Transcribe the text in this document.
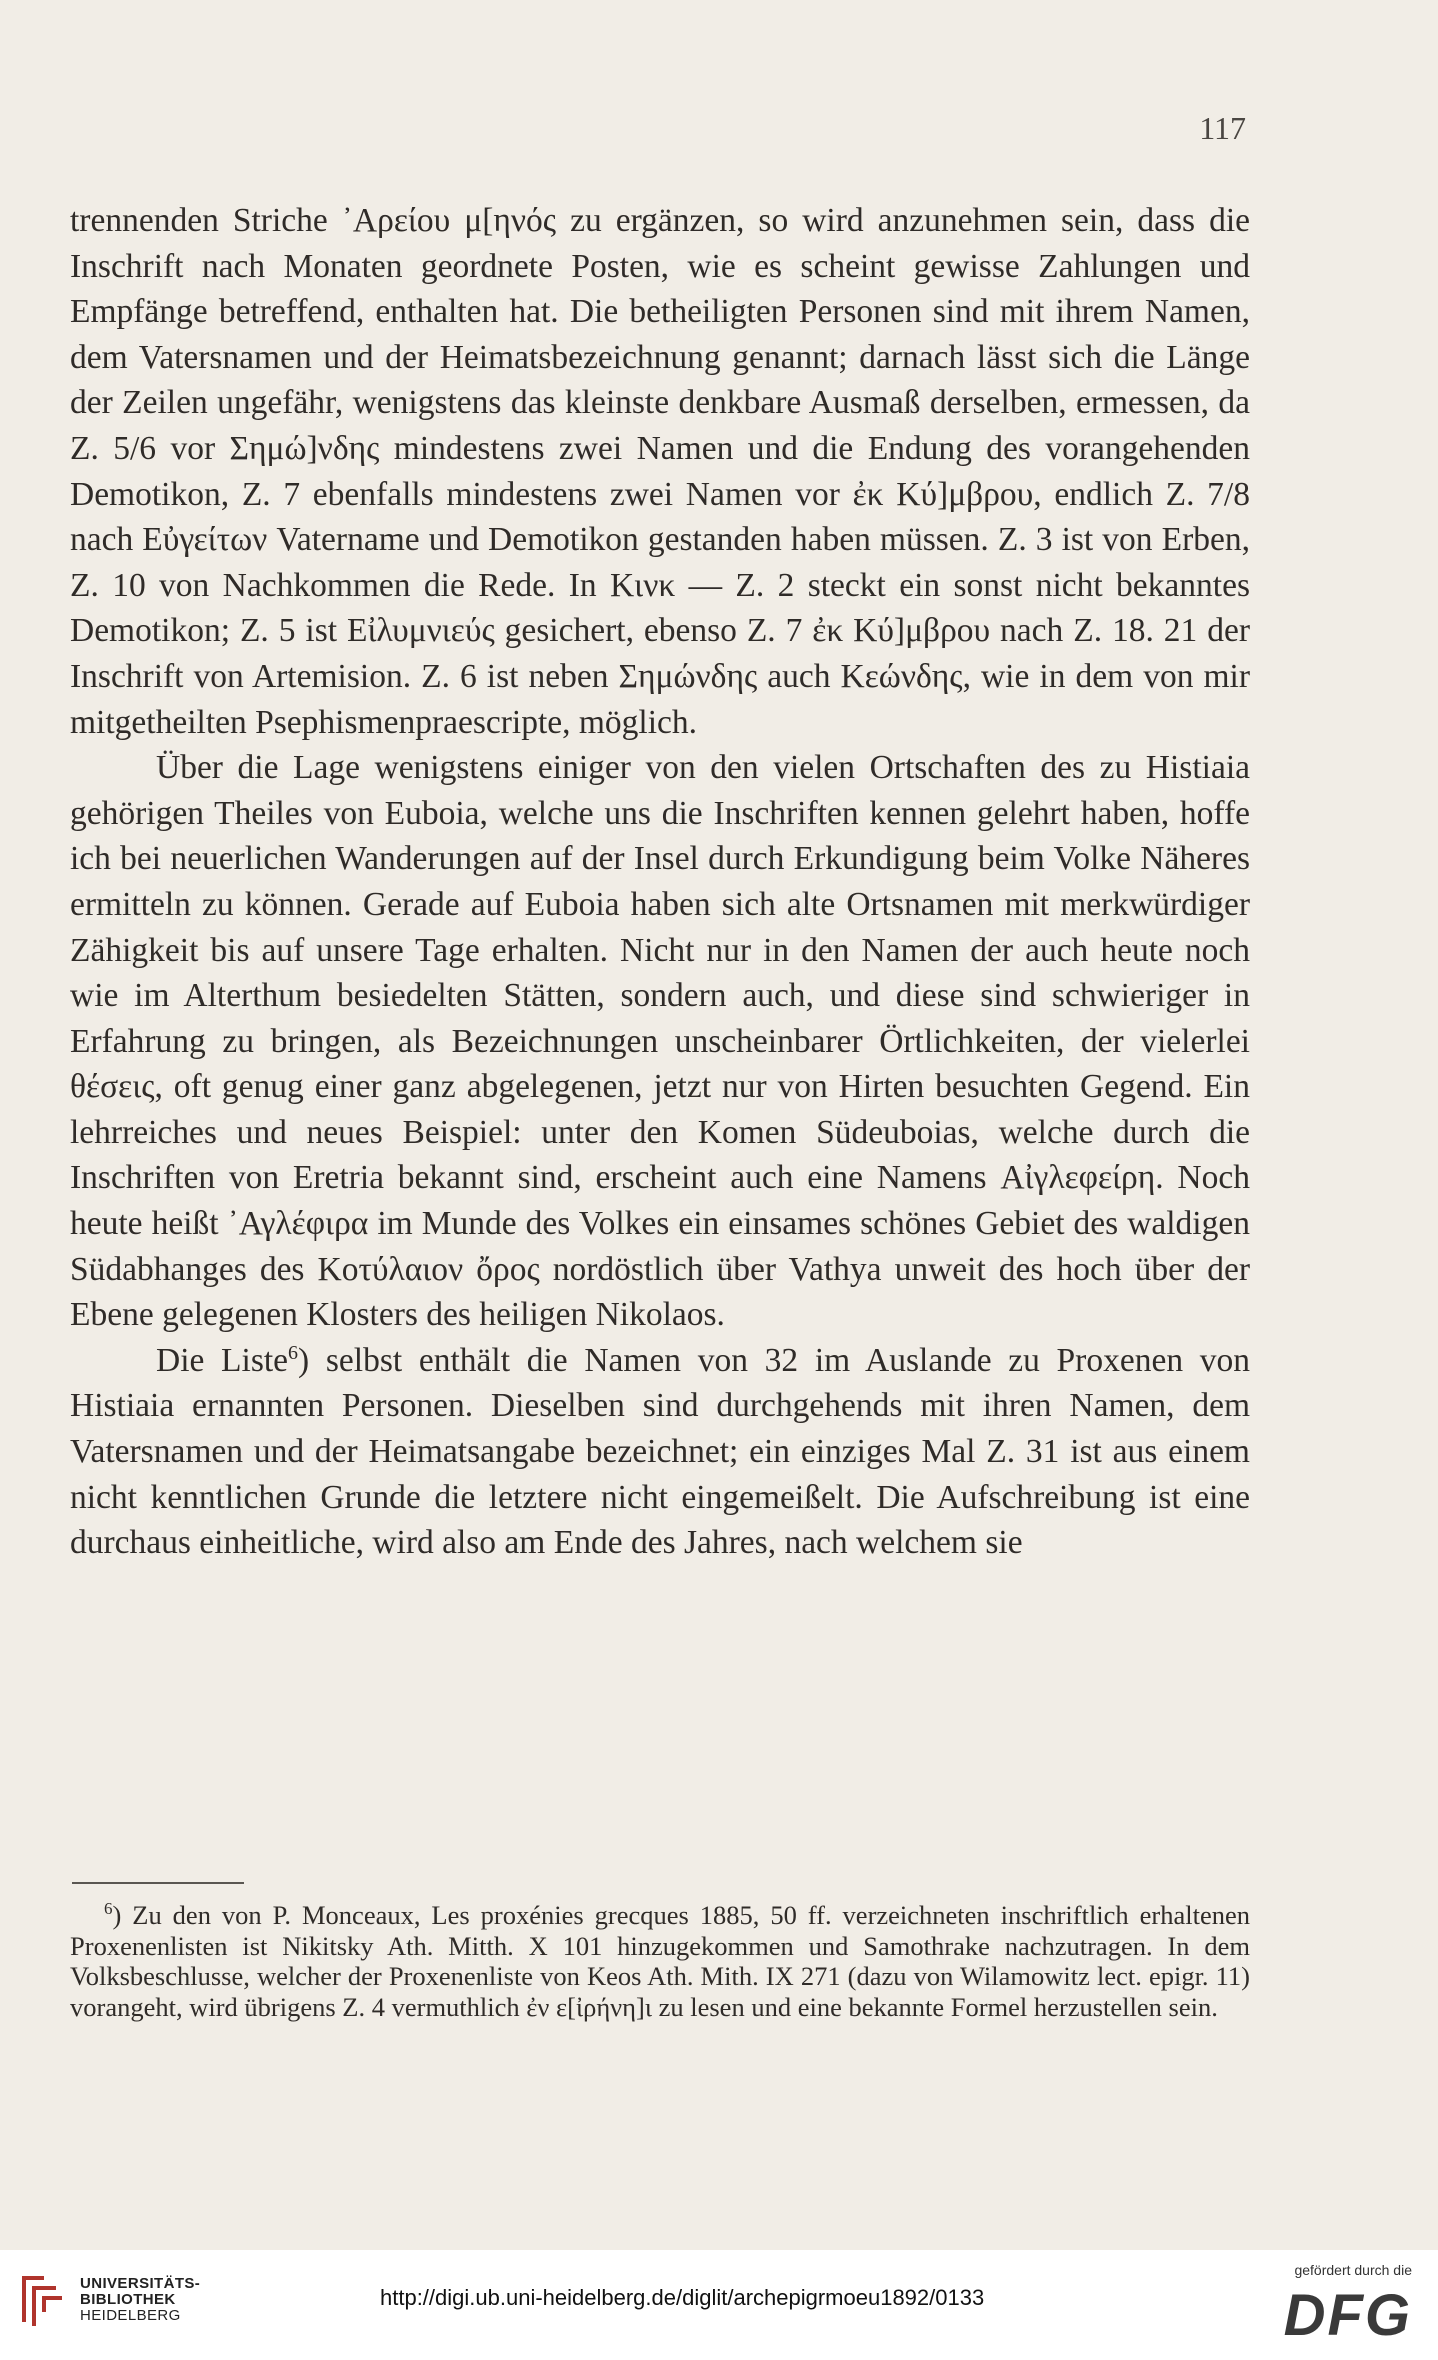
117

trennenden Striche ᾿Αρείου μ[ηνός zu ergänzen, so wird anzunehmen sein, dass die Inschrift nach Monaten geordnete Posten, wie es scheint gewisse Zahlungen und Empfänge betreffend, enthalten hat. Die betheiligten Personen sind mit ihrem Namen, dem Vatersnamen und der Heimatsbezeichnung genannt; darnach lässt sich die Länge der Zeilen ungefähr, wenigstens das kleinste denkbare Ausmaß derselben, ermessen, da Z. 5/6 vor Σημώ]νδης mindestens zwei Namen und die Endung des vorangehenden Demotikon, Z. 7 ebenfalls mindestens zwei Namen vor ἐκ Κύ]μβρου, endlich Z. 7/8 nach Εὐγείτων Vatername und Demotikon gestanden haben müssen. Z. 3 ist von Erben, Z. 10 von Nachkommen die Rede. In Κινκ — Z. 2 steckt ein sonst nicht bekanntes Demotikon; Z. 5 ist Εἰλυμνιεύς gesichert, ebenso Z. 7 ἐκ Κύ]μβρου nach Z. 18. 21 der Inschrift von Artemision. Z. 6 ist neben Σημώνδης auch Κεώνδης, wie in dem von mir mitgetheilten Psephismenpraescripte, möglich.

Über die Lage wenigstens einiger von den vielen Ortschaften des zu Histiaia gehörigen Theiles von Euboia, welche uns die Inschriften kennen gelehrt haben, hoffe ich bei neuerlichen Wanderungen auf der Insel durch Erkundigung beim Volke Näheres ermitteln zu können. Gerade auf Euboia haben sich alte Ortsnamen mit merkwürdiger Zähigkeit bis auf unsere Tage erhalten. Nicht nur in den Namen der auch heute noch wie im Alterthum besiedelten Stätten, sondern auch, und diese sind schwieriger in Erfahrung zu bringen, als Bezeichnungen unscheinbarer Örtlichkeiten, der vielerlei θέσεις, oft genug einer ganz abgelegenen, jetzt nur von Hirten besuchten Gegend. Ein lehrreiches und neues Beispiel: unter den Komen Südeuboias, welche durch die Inschriften von Eretria bekannt sind, erscheint auch eine Namens Αἰγλεφείρη. Noch heute heißt ᾿Αγλέφιρα im Munde des Volkes ein einsames schönes Gebiet des waldigen Südabhanges des Κοτύλαιον ὄρος nordöstlich über Vathya unweit des hoch über der Ebene gelegenen Klosters des heiligen Nikolaos.

Die Liste$^6$) selbst enthält die Namen von 32 im Auslande zu Proxenen von Histiaia ernannten Personen. Dieselben sind durchgehends mit ihren Namen, dem Vatersnamen und der Heimatsangabe bezeichnet; ein einziges Mal Z. 31 ist aus einem nicht kenntlichen Grunde die letztere nicht eingemeißelt. Die Aufschreibung ist eine durchaus einheitliche, wird also am Ende des Jahres, nach welchem sie

$^6$) Zu den von P. Monceaux, Les proxénies grecques 1885, 50 ff. verzeichneten inschriftlich erhaltenen Proxenenlisten ist Nikitsky Ath. Mitth. X 101 hinzugekommen und Samothrake nachzutragen. In dem Volksbeschlusse, welcher der Proxenenliste von Keos Ath. Mith. IX 271 (dazu von Wilamowitz lect. epigr. 11) vorangeht, wird übrigens Z. 4 vermuthlich ἐν ε[ἰρήνη]ι zu lesen und eine bekannte Formel herzustellen sein.

UNIVERSITÄTS-
BIBLIOTHEK
HEIDELBERG
http://digi.ub.uni-heidelberg.de/diglit/archepigrmoeu1892/0133
gefördert durch die
DFG
